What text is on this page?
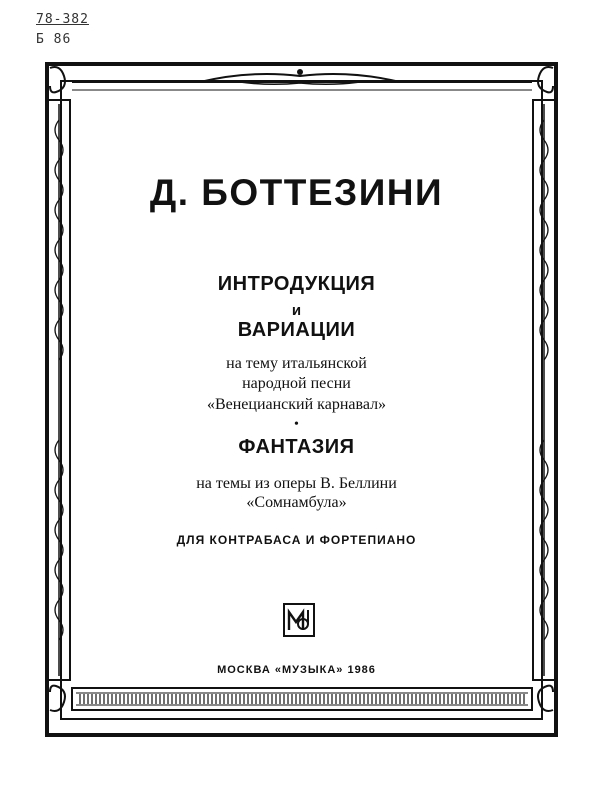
78-382
Б 86
Д. БОТТЕЗИНИ
ИНТРОДУКЦИЯ
и
ВАРИАЦИИ
на тему итальянской
народной песни
«Венецианский карнавал»
•
ФАНТАЗИЯ
на темы из оперы В. Беллини
«Сомнамбула»
ДЛЯ КОНТРАБАСА И ФОРТЕПИАНО
МОСКВА «МУЗЫКА» 1986
